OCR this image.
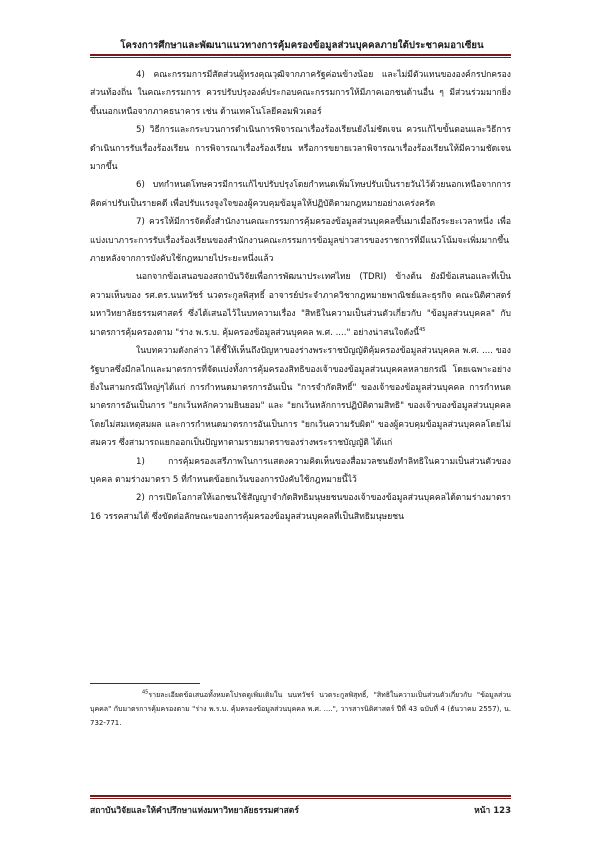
โครงการศึกษาและพัฒนาแนวทางการคุ้มครองข้อมูลส่วนบุคคลภายใต้ประชาคมอาเซียน

4) คณะกรรมการมีสัดส่วนผู้ทรงคุณวุฒิจากภาครัฐค่อนข้างน้อย และไม่มีตัวแทนขององค์กรปกครองส่วนท้องถิ่น ในคณะกรรมการ ควรปรับปรุงองค์ประกอบคณะกรรมการให้มีภาคเอกชนด้านอื่น ๆ มีส่วนร่วมมากยิ่งขึ้นนอกเหนือจากภาคธนาคาร เช่น ด้านเทคโนโลยีคอมพิวเตอร์

5) วิธีการและกระบวนการดำเนินการพิจารณาเรื่องร้องเรียนยังไม่ชัดเจน ควรแก้ไขขั้นตอนและวิธีการดำเนินการรับเรื่องร้องเรียน การพิจารณาเรื่องร้องเรียน หรือการขยายเวลาพิจารณาเรื่องร้องเรียนให้มีความชัดเจนมากขึ้น

6) บทกำหนดโทษควรมีการแก้ไขปรับปรุงโดยกำหนดเพิ่มโทษปรับเป็นรายวันไว้ด้วยนอกเหนือจากการคิดค่าปรับเป็นรายคดี เพื่อปรับแรงจูงใจของผู้ควบคุมข้อมูลให้ปฏิบัติตามกฎหมายอย่างเคร่งครัด

7) ควรให้มีการจัดตั้งสำนักงานคณะกรรมการคุ้มครองข้อมูลส่วนบุคคลขึ้นมาเมื่อถึงระยะเวลาหนึ่ง เพื่อแบ่งเบาภาระการรับเรื่องร้องเรียนของสำนักงานคณะกรรมการข้อมูลข่าวสารของราชการที่มีแนวโน้มจะเพิ่มมากขึ้นภายหลังจากการบังคับใช้กฎหมายไประยะหนึ่งแล้ว

นอกจากข้อเสนอของสถาบันวิจัยเพื่อการพัฒนาประเทศไทย (TDRI) ข้างต้น ยังมีข้อเสนอและที่เป็นความเห็นของ รศ.ดร.นนทวัชร์ นวตระกูลพิสุทธิ์ อาจารย์ประจำภาควิชากฎหมายพาณิชย์และธุรกิจ คณะนิติศาสตร์ มหาวิทยาลัยธรรมศาสตร์ ซึ่งได้เสนอไว้ในบทความเรื่อง "สิทธิในความเป็นส่วนตัวเกี่ยวกับ "ข้อมูลส่วนบุคคล" กับมาตรการคุ้มครองตาม "ร่าง พ.ร.บ. คุ้มครองข้อมูลส่วนบุคคล พ.ศ. ...." อย่างน่าสนใจดังนี้$^{45}$

ในบทความดังกล่าว ได้ชี้ให้เห็นถึงปัญหาของร่างพระราชบัญญัติคุ้มครองข้อมูลส่วนบุคคล พ.ศ. .... ของรัฐบาลซึ่งมีกลไกและมาตรการที่จัดแบ่งทั้งการคุ้มครองสิทธิของเจ้าของข้อมูลส่วนบุคคลหลายกรณี โดยเฉพาะอย่างยิ่งในสามกรณีใหญ่ๆได้แก่ การกำหนดมาตรการอันเป็น "การจำกัดสิทธิ์" ของเจ้าของข้อมูลส่วนบุคคล การกำหนดมาตรการอันเป็นการ "ยกเว้นหลักความยินยอม" และ "ยกเว้นหลักการปฏิบัติตามสิทธิ" ของเจ้าของข้อมูลส่วนบุคคลโดยไม่สมเหตุสมผล และการกำหนดมาตรการอันเป็นการ "ยกเว้นความรับผิด" ของผู้ควบคุมข้อมูลส่วนบุคคลโดยไม่สมควร ซึ่งสามารถแยกออกเป็นปัญหาตามรายมาตราของร่างพระราชบัญญัติ ได้แก่

1) การคุ้มครองเสรีภาพในการแสดงความคิดเห็นของสื่อมวลชนยังทำลิทธิในความเป็นส่วนตัวของบุคคล ตามร่างมาตรา 5 ที่กำหนดข้อยกเว้นของการบังคับใช้กฎหมายนี้ไว้

2) การเปิดโอกาสให้เอกชนใช้สัญญาจำกัดสิทธิมนุษยชนของเจ้าของข้อมูลส่วนบุคคลได้ตามร่างมาตรา 16 วรรคสามได้ ซึ่งขัดต่อลักษณะของการคุ้มครองข้อมูลส่วนบุคคลที่เป็นสิทธิมนุษยชน

$^{45}$รายละเอียดข้อเสนอทั้งหมดโปรดดูเพิ่มเติมใน นนทวัชร์ นวตระกูลพิสุทธิ์, "สิทธิในความเป็นส่วนตัวเกี่ยวกับ "ข้อมูลส่วนบุคคล" กับมาตรการคุ้มครองตาม "ร่าง พ.ร.บ. คุ้มครองข้อมูลส่วนบุคคล พ.ศ. ....", วารสารนิติศาสตร์ ปีที่ 43 ฉบับที่ 4 (ธันวาคม 2557), น. 732-771.
สถาบันวิจัยและให้คำปรึกษาแห่งมหาวิทยาลัยธรรมศาสตร์	หน้า 123
